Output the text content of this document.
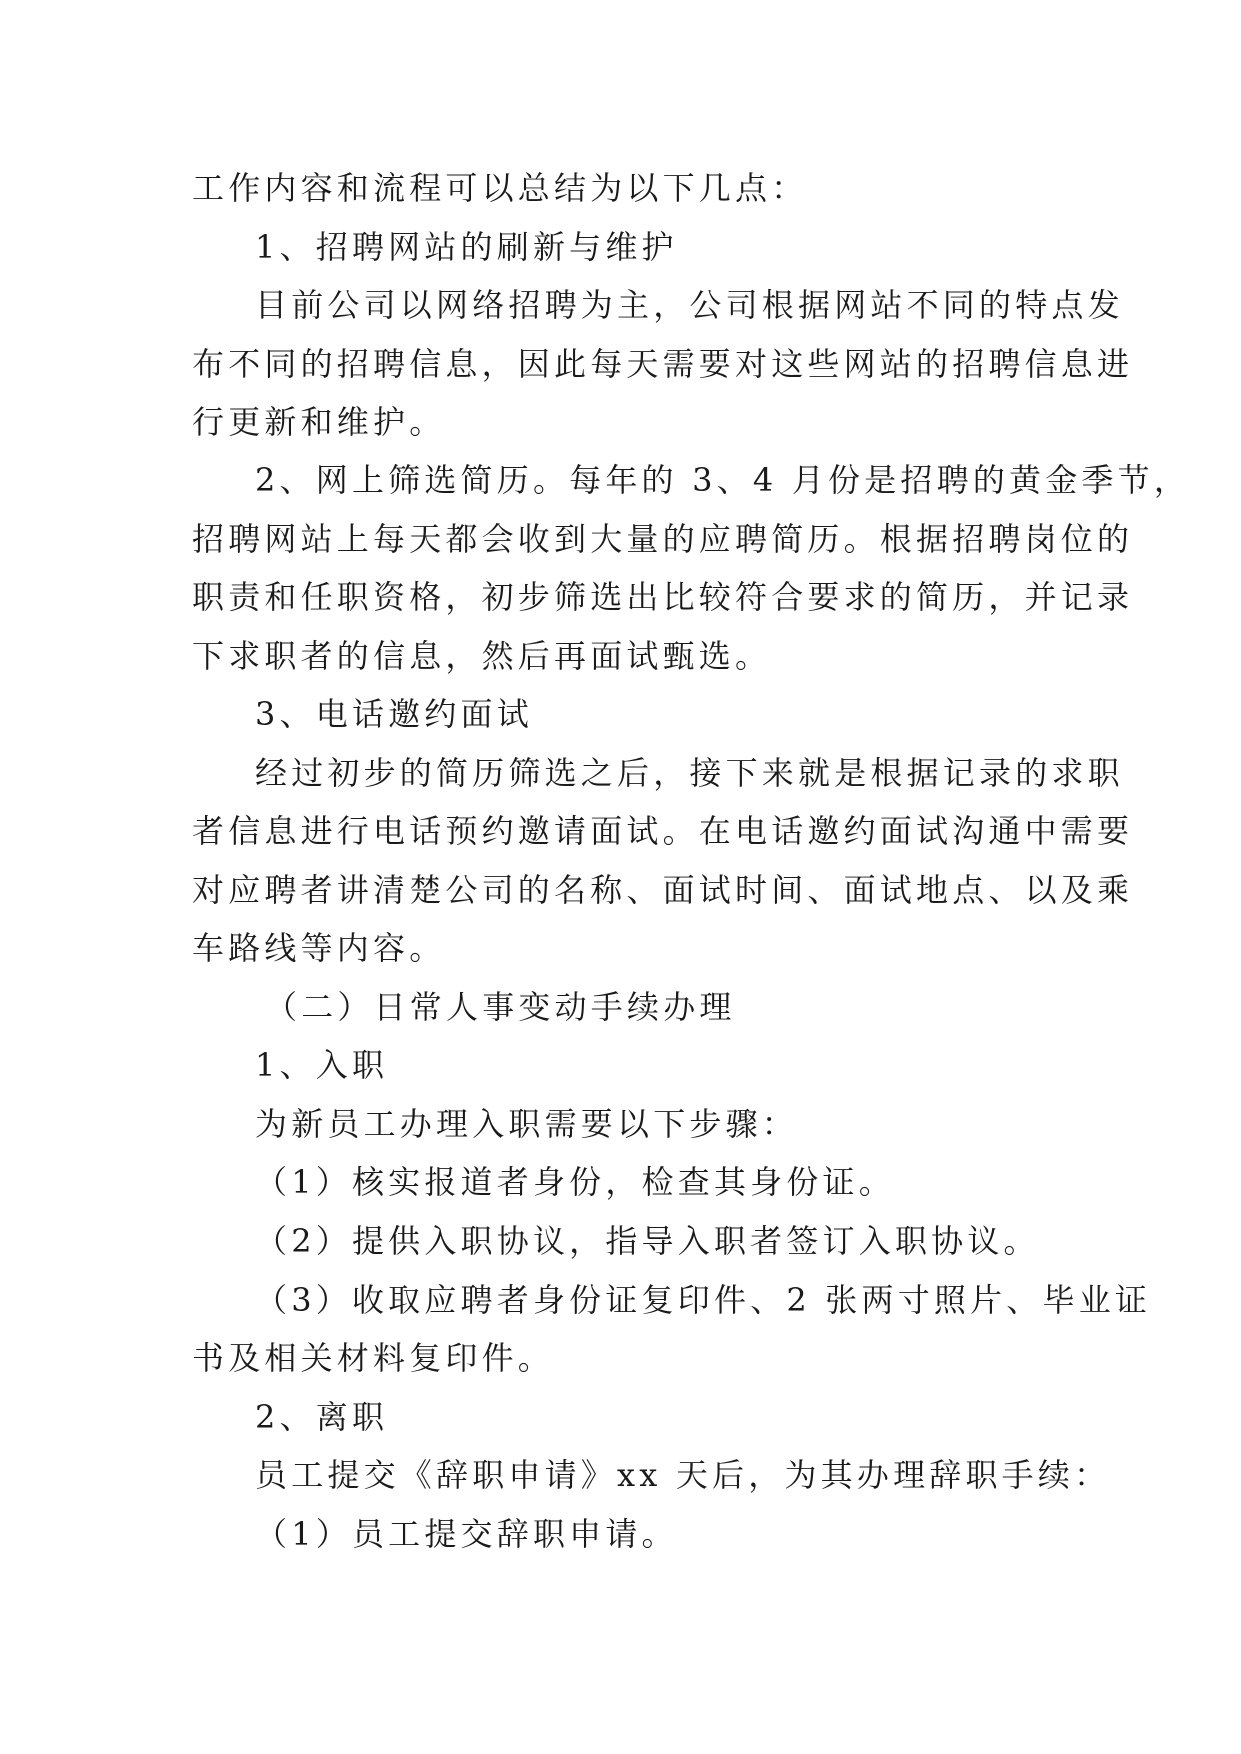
工作内容和流程可以总结为以下几点：
1、招聘网站的刷新与维护
目前公司以网络招聘为主，公司根据网站不同的特点发
布不同的招聘信息，因此每天需要对这些网站的招聘信息进
行更新和维护。
2、网上筛选简历。每年的 3、4 月份是招聘的黄金季节，
招聘网站上每天都会收到大量的应聘简历。根据招聘岗位的
职责和任职资格，初步筛选出比较符合要求的简历，并记录
下求职者的信息，然后再面试甄选。
3、电话邀约面试
经过初步的简历筛选之后，接下来就是根据记录的求职
者信息进行电话预约邀请面试。在电话邀约面试沟通中需要
对应聘者讲清楚公司的名称、面试时间、面试地点、以及乘
车路线等内容。
（二）日常人事变动手续办理
1、入职
为新员工办理入职需要以下步骤：
（1）核实报道者身份，检查其身份证。
（2）提供入职协议，指导入职者签订入职协议。
（3）收取应聘者身份证复印件、2 张两寸照片、毕业证
书及相关材料复印件。
2、离职
员工提交《辞职申请》xx 天后，为其办理辞职手续：
（1）员工提交辞职申请。
